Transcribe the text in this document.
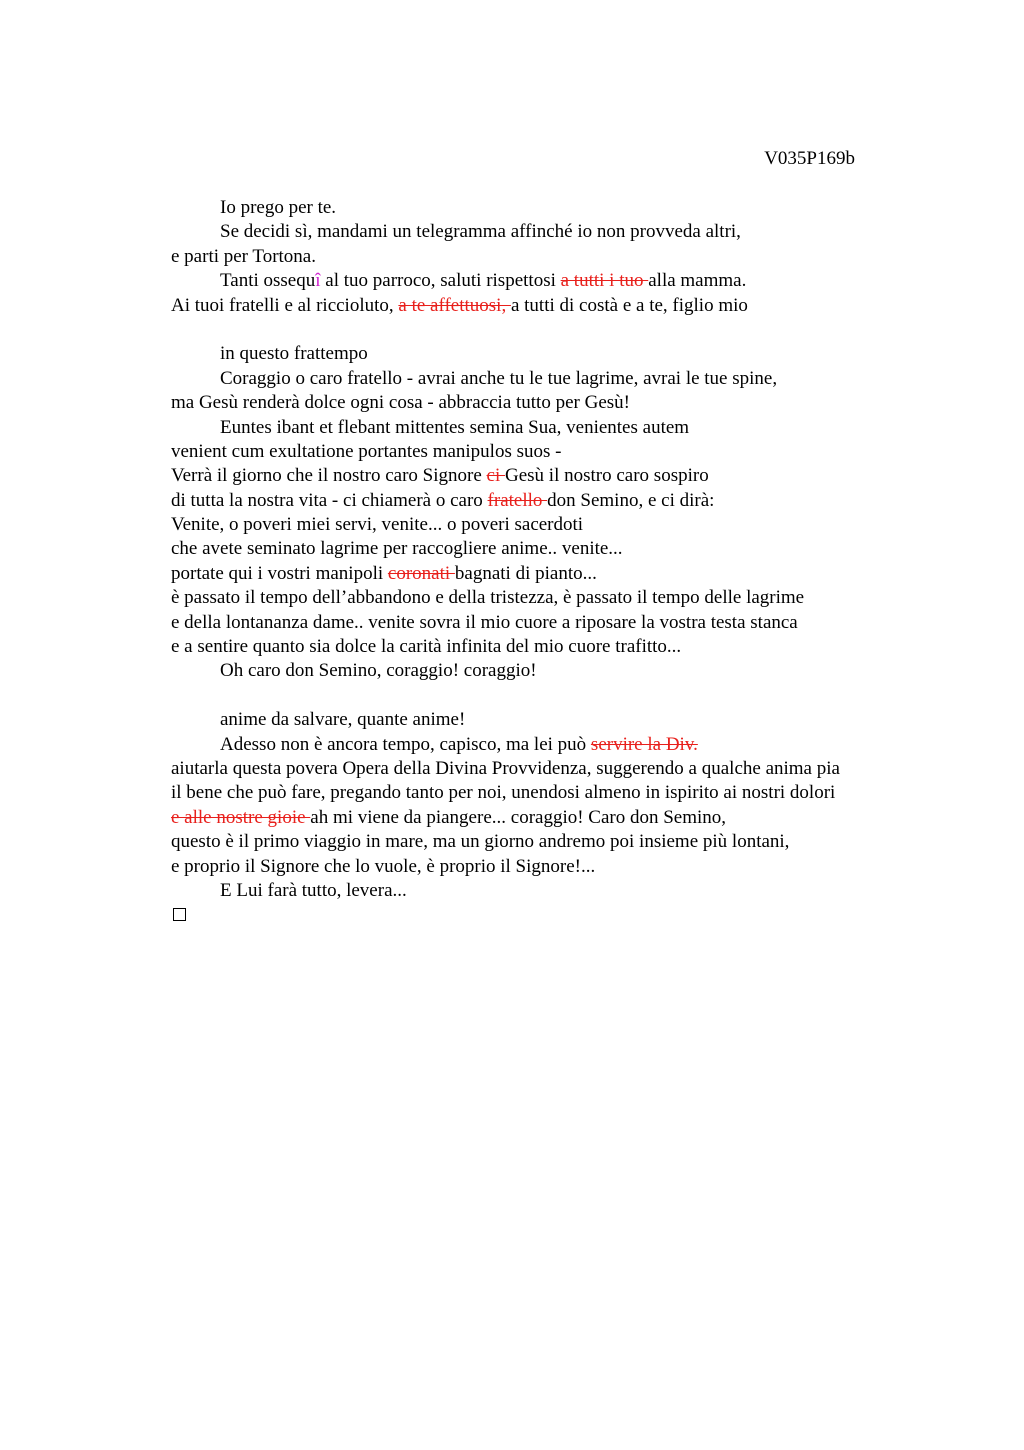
V035P169b
Io prego per te.
Se decidi sì, mandami un telegramma affinché io non provveda altri,
e parti per Tortona.
Tanti ossequî al tuo parroco, saluti rispettosi a tutti i tuo alla mamma.
Ai tuoi fratelli e al riccioluto, a te affettuosi, a tutti di costà e a te, figlio mio
in questo frattempo
Coraggio o caro fratello - avrai anche tu le tue lagrime, avrai le tue spine,
ma Gesù renderà dolce ogni cosa - abbraccia tutto per Gesù!
Euntes ibant et flebant mittentes semina Sua, venientes autem
venient cum exultatione portantes manipulos suos -
Verrà il giorno che il nostro caro Signore ci Gesù il nostro caro sospiro
di tutta la nostra vita - ci chiamerà o caro fratello don Semino, e ci dirà:
Venite, o poveri miei servi, venite... o poveri sacerdoti
che avete seminato lagrime per raccogliere anime.. venite...
portate qui i vostri manipoli coronati bagnati di pianto...
è passato il tempo dell’abbandono e della tristezza, è passato il tempo delle lagrime
e della lontananza dame.. venite sovra il mio cuore a riposare la vostra testa stanca
e a sentire quanto sia dolce la carità infinita del mio cuore trafitto...
Oh caro don Semino, coraggio! coraggio!
anime da salvare, quante anime!
Adesso non è ancora tempo, capisco, ma lei può servire la Div.
aiutarla questa povera Opera della Divina Provvidenza, suggerendo a qualche anima pia
il bene che può fare, pregando tanto per noi, unendosi almeno in ispirito ai nostri dolori
e alle nostre gioie ah mi viene da piangere... coraggio! Caro don Semino,
questo è il primo viaggio in mare, ma un giorno andremo poi insieme più lontani,
e proprio il Signore che lo vuole, è proprio il Signore!...
E Lui farà tutto, levera...
